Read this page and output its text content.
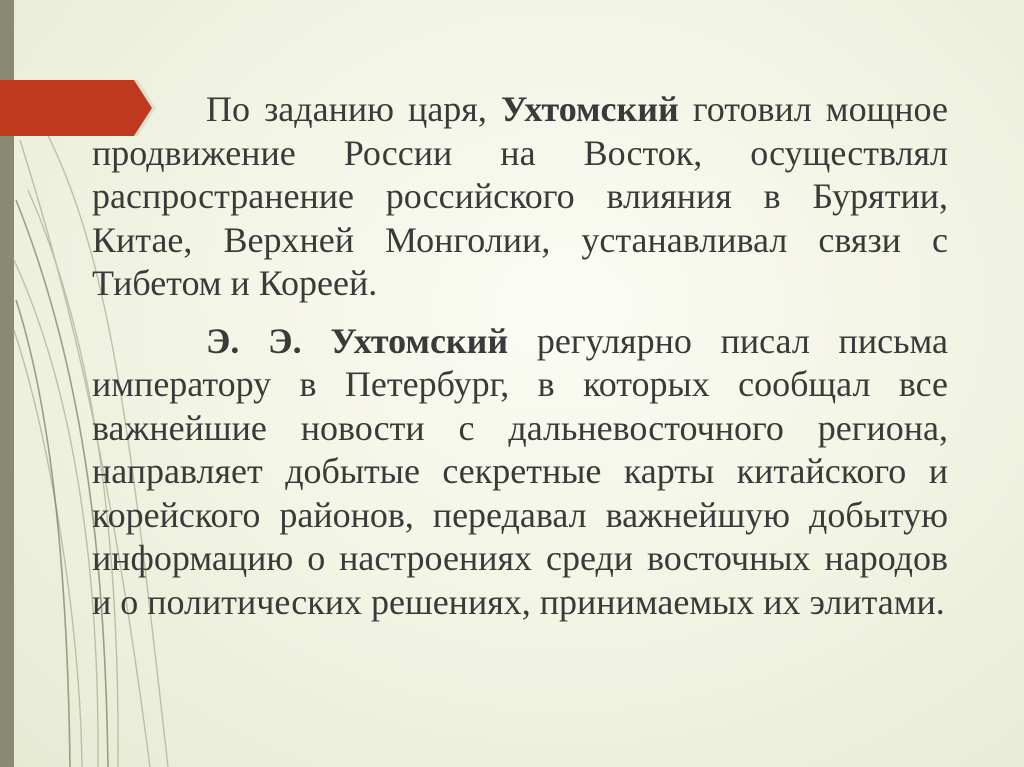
По заданию царя, Ухтомский готовил мощное продвижение России на Восток, осуществлял распространение российского влияния в Бурятии, Китае, Верхней Монголии, устанавливал связи с Тибетом и Кореей.

Э. Э. Ухтомский регулярно писал письма императору в Петербург, в которых сообщал все важнейшие новости с дальневосточного региона, направляет добытые секретные карты китайского и корейского районов, передавал важнейшую добытую информацию о настроениях среди восточных народов и о политических решениях, принимаемых их элитами.
